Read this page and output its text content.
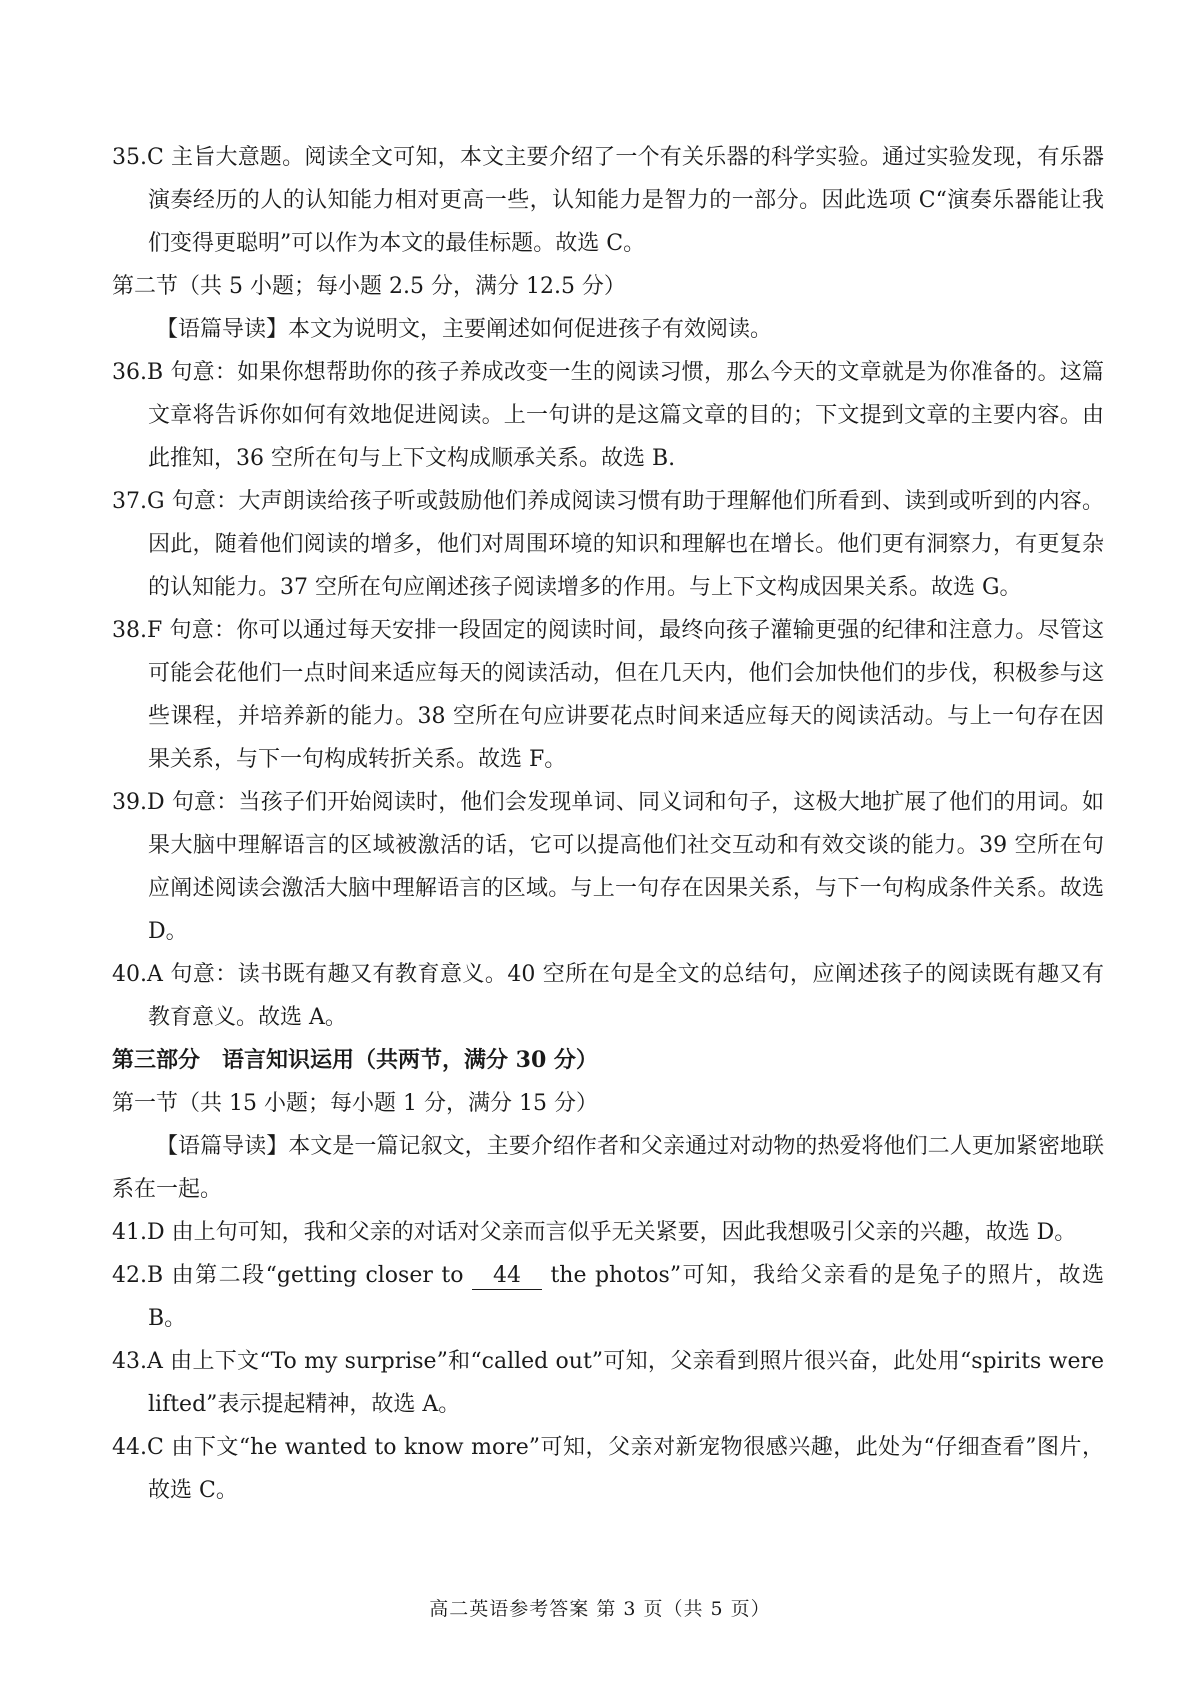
35.C 主旨大意题。阅读全文可知，本文主要介绍了一个有关乐器的科学实验。通过实验发现，有乐器演奏经历的人的认知能力相对更高一些，认知能力是智力的一部分。因此选项 C“演奏乐器能让我们变得更聪明”可以作为本文的最佳标题。故选 C。
第二节（共 5 小题；每小题 2.5 分，满分 12.5 分）
【语篇导读】本文为说明文，主要阐述如何促进孩子有效阅读。
36.B 句意：如果你想帮助你的孩子养成改变一生的阅读习惯，那么今天的文章就是为你准备的。这篇文章将告诉你如何有效地促进阅读。上一句讲的是这篇文章的目的；下文提到文章的主要内容。由此推知，36 空所在句与上下文构成顺承关系。故选 B.
37.G 句意：大声朗读给孩子听或鼓励他们养成阅读习惯有助于理解他们所看到、读到或听到的内容。因此，随着他们阅读的增多，他们对周围环境的知识和理解也在增长。他们更有洞察力，有更复杂的认知能力。37 空所在句应阐述孩子阅读增多的作用。与上下文构成因果关系。故选 G。
38.F 句意：你可以通过每天安排一段固定的阅读时间，最终向孩子灌输更强的纪律和注意力。尽管这可能会花他们一点时间来适应每天的阅读活动，但在几天内，他们会加快他们的步伐，积极参与这些课程，并培养新的能力。38 空所在句应讲要花点时间来适应每天的阅读活动。与上一句存在因果关系，与下一句构成转折关系。故选 F。
39.D 句意：当孩子们开始阅读时，他们会发现单词、同义词和句子，这极大地扩展了他们的用词。如果大脑中理解语言的区域被激活的话，它可以提高他们社交互动和有效交谈的能力。39 空所在句应阐述阅读会激活大脑中理解语言的区域。与上一句存在因果关系，与下一句构成条件关系。故选 D。
40.A 句意：读书既有趣又有教育意义。40 空所在句是全文的总结句，应阐述孩子的阅读既有趣又有教育意义。故选 A。
第三部分　语言知识运用（共两节，满分 30 分）
第一节（共 15 小题；每小题 1 分，满分 15 分）
【语篇导读】本文是一篇记叙文，主要介绍作者和父亲通过对动物的热爱将他们二人更加紧密地联系在一起。
41.D 由上句可知，我和父亲的对话对父亲而言似乎无关紧要，因此我想吸引父亲的兴趣，故选 D。
42.B 由第二段“getting closer to 44 the photos”可知，我给父亲看的是兔子的照片，故选 B。
43.A 由上下文“To my surprise”和“called out”可知，父亲看到照片很兴奋，此处用“spirits were lifted”表示提起精神，故选 A。
44.C 由下文“he wanted to know more”可知，父亲对新宠物很感兴趣，此处为“仔细查看”图片，故选 C。
高二英语参考答案 第 3 页（共 5 页）
